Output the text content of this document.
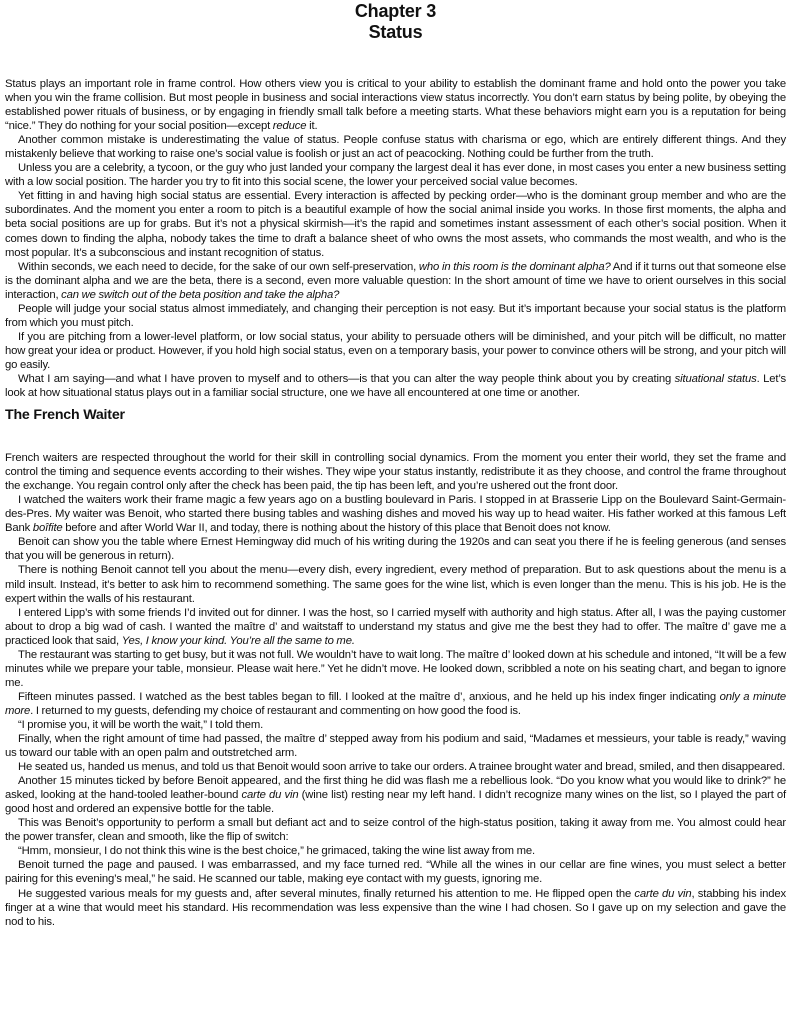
Chapter 3
Status

Status plays an important role in frame control. How others view you is critical to your ability to establish the dominant frame and hold onto the power you take when you win the frame collision. But most people in business and social interactions view status incorrectly. You don’t earn status by being polite, by obeying the established power rituals of business, or by engaging in friendly small talk before a meeting starts. What these behaviors might earn you is a reputation for being “nice.” They do nothing for your social position—except reduce it.

Another common mistake is underestimating the value of status. People confuse status with charisma or ego, which are entirely different things. And they mistakenly believe that working to raise one’s social value is foolish or just an act of peacocking. Nothing could be further from the truth.

Unless you are a celebrity, a tycoon, or the guy who just landed your company the largest deal it has ever done, in most cases you enter a new business setting with a low social position. The harder you try to fit into this social scene, the lower your perceived social value becomes.

Yet fitting in and having high social status are essential. Every interaction is affected by pecking order—who is the dominant group member and who are the subordinates. And the moment you enter a room to pitch is a beautiful example of how the social animal inside you works. In those first moments, the alpha and beta social positions are up for grabs. But it’s not a physical skirmish—it’s the rapid and sometimes instant assessment of each other’s social position. When it comes down to finding the alpha, nobody takes the time to draft a balance sheet of who owns the most assets, who commands the most wealth, and who is the most popular. It’s a subconscious and instant recognition of status.

Within seconds, we each need to decide, for the sake of our own self-preservation, who in this room is the dominant alpha? And if it turns out that someone else is the dominant alpha and we are the beta, there is a second, even more valuable question: In the short amount of time we have to orient ourselves in this social interaction, can we switch out of the beta position and take the alpha?

People will judge your social status almost immediately, and changing their perception is not easy. But it’s important because your social status is the platform from which you must pitch.

If you are pitching from a lower-level platform, or low social status, your ability to persuade others will be diminished, and your pitch will be difficult, no matter how great your idea or product. However, if you hold high social status, even on a temporary basis, your power to convince others will be strong, and your pitch will go easily.

What I am saying—and what I have proven to myself and to others—is that you can alter the way people think about you by creating situational status. Let’s look at how situational status plays out in a familiar social structure, one we have all encountered at one time or another.

The French Waiter

French waiters are respected throughout the world for their skill in controlling social dynamics. From the moment you enter their world, they set the frame and control the timing and sequence events according to their wishes. They wipe your status instantly, redistribute it as they choose, and control the frame throughout the exchange. You regain control only after the check has been paid, the tip has been left, and you’re ushered out the front door.

I watched the waiters work their frame magic a few years ago on a bustling boulevard in Paris. I stopped in at Brasserie Lipp on the Boulevard Saint-Germain-des-Pres. My waiter was Benoit, who started there busing tables and washing dishes and moved his way up to head waiter. His father worked at this famous Left Bank boîfite before and after World War II, and today, there is nothing about the history of this place that Benoit does not know.

Benoit can show you the table where Ernest Hemingway did much of his writing during the 1920s and can seat you there if he is feeling generous (and senses that you will be generous in return).

There is nothing Benoit cannot tell you about the menu—every dish, every ingredient, every method of preparation. But to ask questions about the menu is a mild insult. Instead, it’s better to ask him to recommend something. The same goes for the wine list, which is even longer than the menu. This is his job. He is the expert within the walls of his restaurant.

I entered Lipp’s with some friends I’d invited out for dinner. I was the host, so I carried myself with authority and high status. After all, I was the paying customer about to drop a big wad of cash. I wanted the maître d’ and waitstaff to understand my status and give me the best they had to offer. The maître d’ gave me a practiced look that said, Yes, I know your kind. You’re all the same to me.

The restaurant was starting to get busy, but it was not full. We wouldn’t have to wait long. The maître d’ looked down at his schedule and intoned, “It will be a few minutes while we prepare your table, monsieur. Please wait here.” Yet he didn’t move. He looked down, scribbled a note on his seating chart, and began to ignore me.

Fifteen minutes passed. I watched as the best tables began to fill. I looked at the maître d’, anxious, and he held up his index finger indicating only a minute more. I returned to my guests, defending my choice of restaurant and commenting on how good the food is.

“I promise you, it will be worth the wait,” I told them.

Finally, when the right amount of time had passed, the maître d’ stepped away from his podium and said, “Madames et messieurs, your table is ready,” waving us toward our table with an open palm and outstretched arm.

He seated us, handed us menus, and told us that Benoit would soon arrive to take our orders. A trainee brought water and bread, smiled, and then disappeared.

Another 15 minutes ticked by before Benoit appeared, and the first thing he did was flash me a rebellious look. “Do you know what you would like to drink?” he asked, looking at the hand-tooled leather-bound carte du vin (wine list) resting near my left hand. I didn’t recognize many wines on the list, so I played the part of good host and ordered an expensive bottle for the table.

This was Benoit’s opportunity to perform a small but defiant act and to seize control of the high-status position, taking it away from me. You almost could hear the power transfer, clean and smooth, like the flip of switch:

“Hmm, monsieur, I do not think this wine is the best choice,” he grimaced, taking the wine list away from me.

Benoit turned the page and paused. I was embarrassed, and my face turned red. “While all the wines in our cellar are fine wines, you must select a better pairing for this evening’s meal,” he said. He scanned our table, making eye contact with my guests, ignoring me.

He suggested various meals for my guests and, after several minutes, finally returned his attention to me. He flipped open the carte du vin, stabbing his index finger at a wine that would meet his standard. His recommendation was less expensive than the wine I had chosen. So I gave up on my selection and gave the nod to his.
